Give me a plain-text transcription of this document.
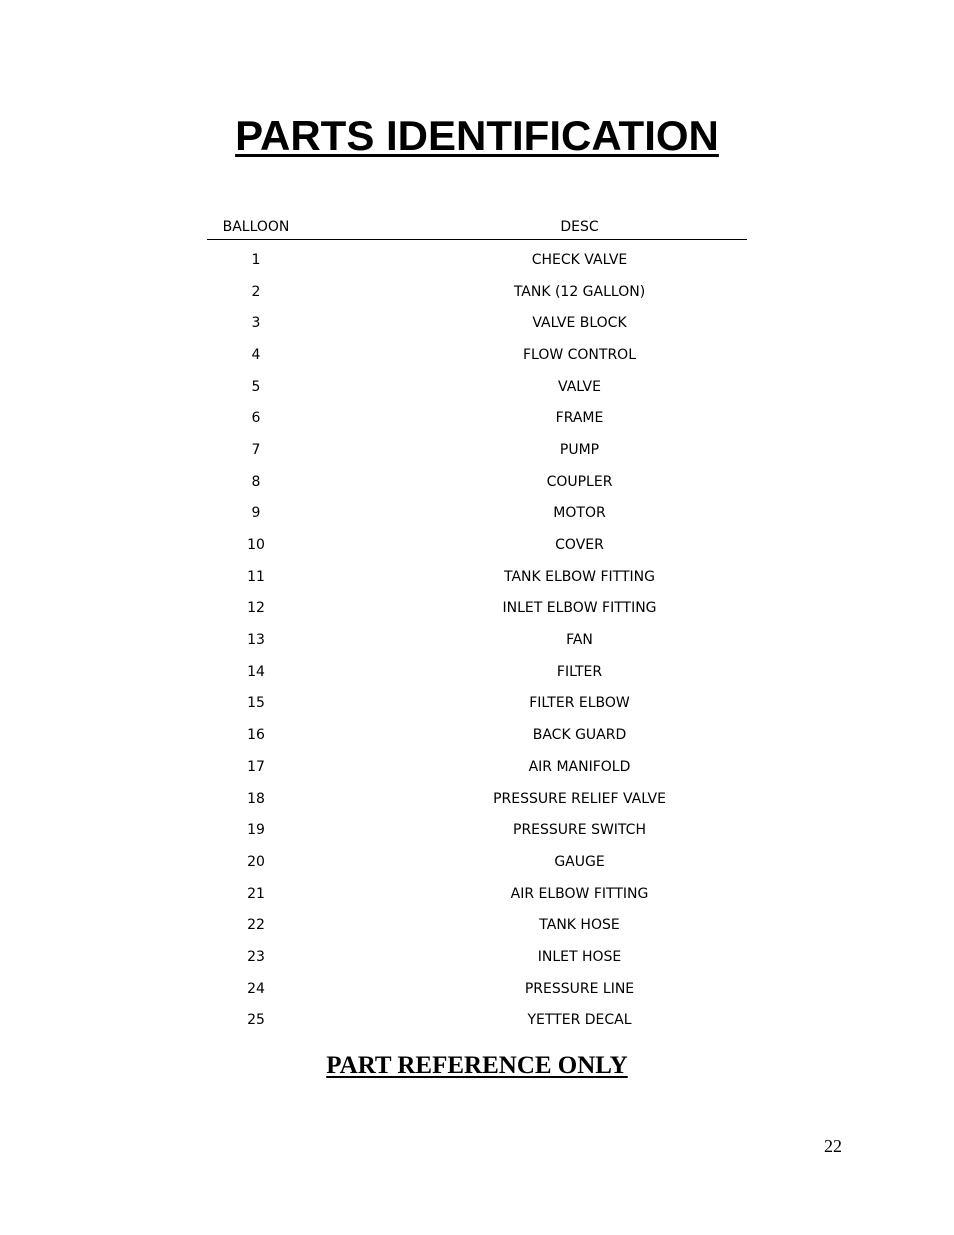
PARTS IDENTIFICATION
BALLOON	DESC
1	CHECK VALVE
2	TANK (12 GALLON)
3	VALVE BLOCK
4	FLOW CONTROL
5	VALVE
6	FRAME
7	PUMP
8	COUPLER
9	MOTOR
10	COVER
11	TANK ELBOW FITTING
12	INLET ELBOW FITTING
13	FAN
14	FILTER
15	FILTER ELBOW
16	BACK GUARD
17	AIR MANIFOLD
18	PRESSURE RELIEF VALVE
19	PRESSURE SWITCH
20	GAUGE
21	AIR ELBOW FITTING
22	TANK HOSE
23	INLET HOSE
24	PRESSURE LINE
25	YETTER DECAL

PART REFERENCE ONLY

22
